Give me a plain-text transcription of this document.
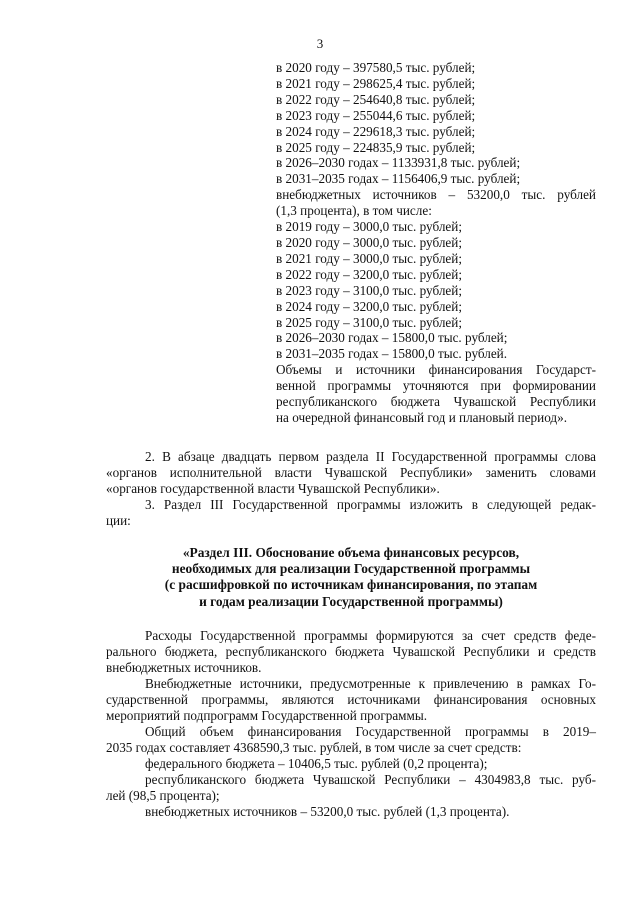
3
в 2020 году – 397580,5 тыс. рублей;
в 2021 году – 298625,4 тыс. рублей;
в 2022 году – 254640,8 тыс. рублей;
в 2023 году – 255044,6 тыс. рублей;
в 2024 году – 229618,3 тыс. рублей;
в 2025 году – 224835,9 тыс. рублей;
в 2026–2030 годах – 1133931,8 тыс. рублей;
в 2031–2035 годах – 1156406,9 тыс. рублей;
внебюджетных источников – 53200,0 тыс. рублей
(1,3 процента), в том числе:
в 2019 году – 3000,0 тыс. рублей;
в 2020 году – 3000,0 тыс. рублей;
в 2021 году – 3000,0 тыс. рублей;
в 2022 году – 3200,0 тыс. рублей;
в 2023 году – 3100,0 тыс. рублей;
в 2024 году – 3200,0 тыс. рублей;
в 2025 году – 3100,0 тыс. рублей;
в 2026–2030 годах – 15800,0 тыс. рублей;
в 2031–2035 годах – 15800,0 тыс. рублей.
Объемы и источники финансирования Государст-
венной программы уточняются при формировании
республиканского бюджета Чувашской Республики
на очередной финансовый год и плановый период».
2. В абзаце двадцать первом раздела II Государственной программы слова
«органов исполнительной власти Чувашской Республики» заменить словами
«органов государственной власти Чувашской Республики».
3. Раздел III Государственной программы изложить в следующей редак-
ции:
«Раздел III. Обоснование объема финансовых ресурсов,
необходимых для реализации Государственной программы
(с расшифровкой по источникам финансирования, по этапам
и годам реализации Государственной программы)
Расходы Государственной программы формируются за счет средств феде-
рального бюджета, республиканского бюджета Чувашской Республики и средств
внебюджетных источников.
Внебюджетные источники, предусмотренные к привлечению в рамках Го-
сударственной программы, являются источниками финансирования основных
мероприятий подпрограмм Государственной программы.
Общий объем финансирования Государственной программы в 2019–
2035 годах составляет 4368590,3 тыс. рублей, в том числе за счет средств:
федерального бюджета – 10406,5 тыс. рублей (0,2 процента);
республиканского бюджета Чувашской Республики – 4304983,8 тыс. руб-
лей (98,5 процента);
внебюджетных источников – 53200,0 тыс. рублей (1,3 процента).
